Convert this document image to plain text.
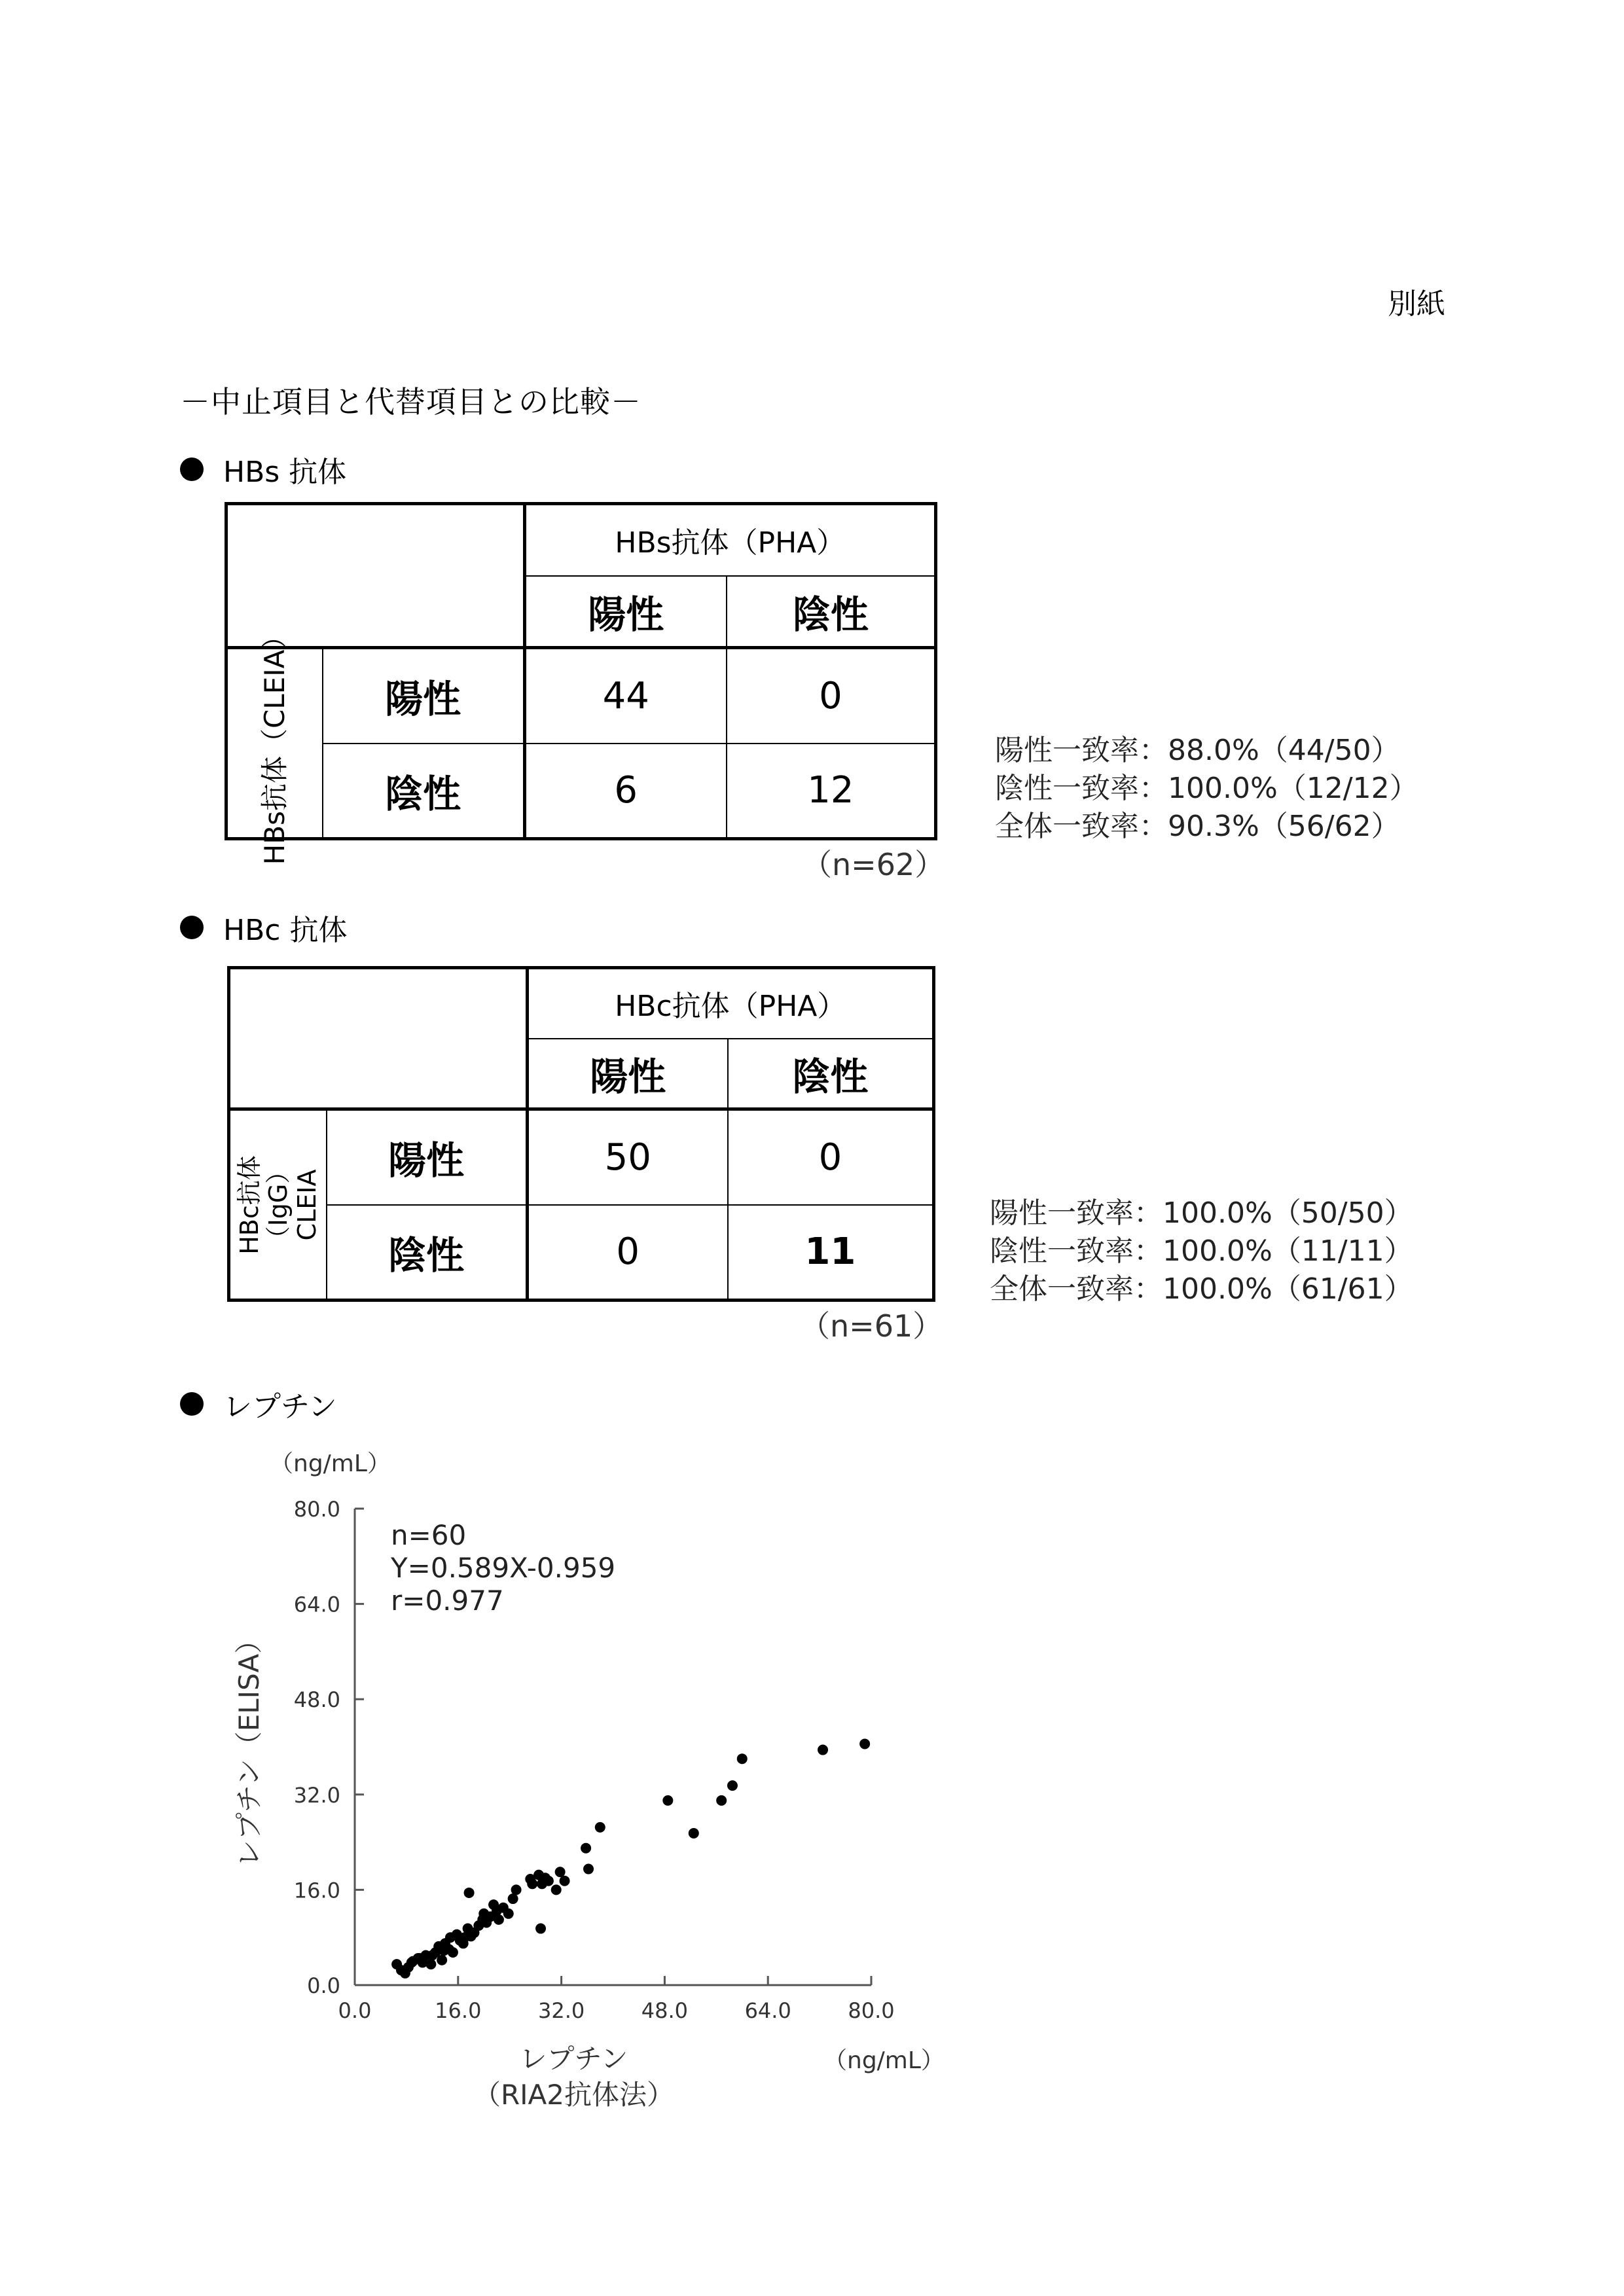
別紙
－中止項目と代替項目との比較－
HBs 抗体
		HBs抗体（PHA）	
		陽性	陰性

HBs抗体（CLEIA）	陽性	44	0
	陰性	6	12
（n=62）
陽性一致率：88.0%（44/50）
陰性一致率：100.0%（12/12）
全体一致率：90.3%（56/62）
HBc 抗体
		HBc抗体（PHA）	
		陽性	陰性

HBc抗体 （IgG） CLEIA	陽性	50	0
	陰性	0	11
（n=61）
陽性一致率：100.0%（50/50）
陰性一致率：100.0%（11/11）
全体一致率：100.0%（61/61）
レプチン
0.0
16.0
32.0
48.0
64.0
80.0
0.0	16.0	32.0	48.0	64.0	80.0
n=60
Y=0.589X-0.959
r=0.977
（ng/mL）
レプチン（ELISA）
レプチン
（RIA2抗体法）
（ng/mL）
